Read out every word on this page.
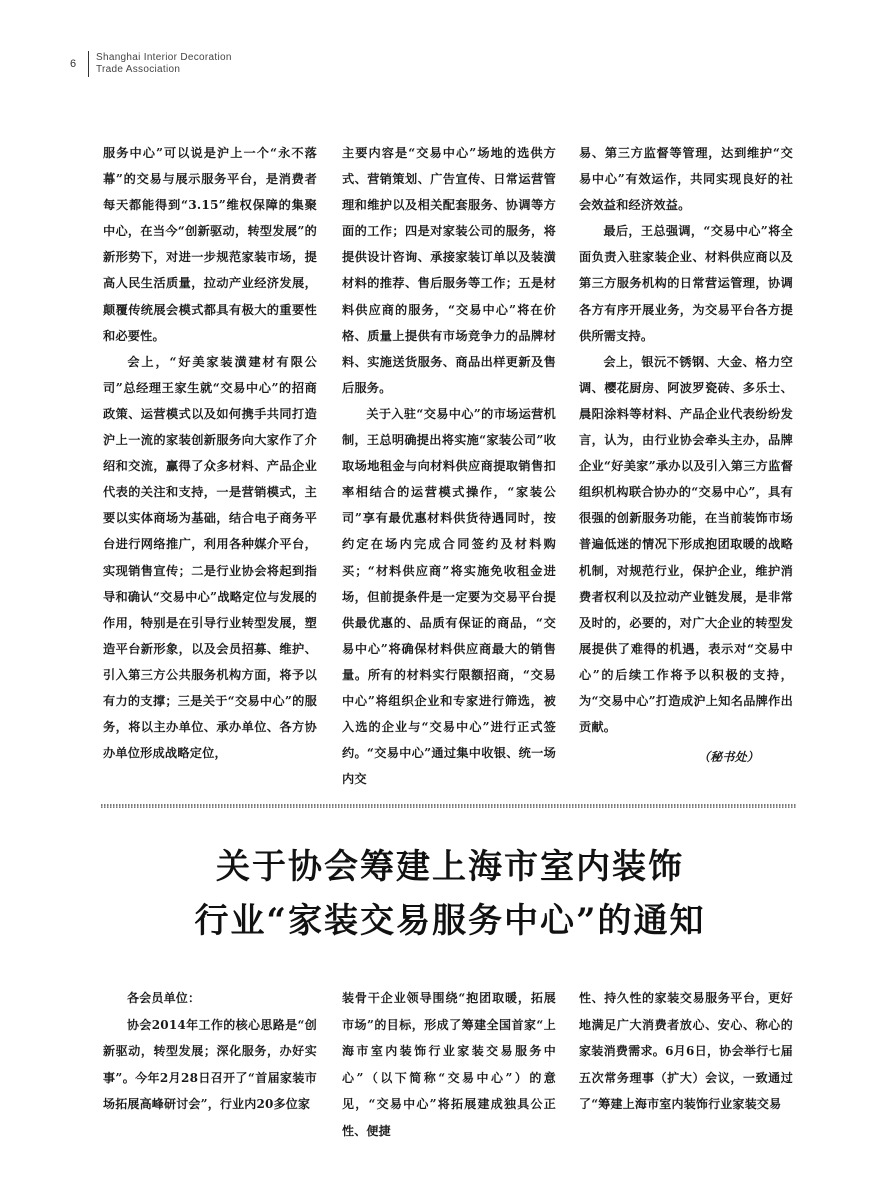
6
Shanghai Interior Decoration
Trade Association

服务中心”可以说是沪上一个“永不落幕”的交易与展示服务平台，是消费者每天都能得到“3.15”维权保障的集聚中心，在当今“创新驱动，转型发展”的新形势下，对进一步规范家装市场，提高人民生活质量，拉动产业经济发展，颠覆传统展会模式都具有极大的重要性和必要性。

会上，“好美家装潢建材有限公司”总经理王家生就“交易中心”的招商政策、运营模式以及如何携手共同打造沪上一流的家装创新服务向大家作了介绍和交流，赢得了众多材料、产品企业代表的关注和支持，一是营销模式，主要以实体商场为基础，结合电子商务平台进行网络推广，利用各种媒介平台，实现销售宣传；二是行业协会将起到指导和确认“交易中心”战略定位与发展的作用，特别是在引导行业转型发展，塑造平台新形象，以及会员招募、维护、引入第三方公共服务机构方面，将予以有力的支撑；三是关于“交易中心”的服务，将以主办单位、承办单位、各方协办单位形成战略定位，

主要内容是“交易中心”场地的选供方式、营销策划、广告宣传、日常运营管理和维护以及相关配套服务、协调等方面的工作；四是对家装公司的服务，将提供设计咨询、承接家装订单以及装潢材料的推荐、售后服务等工作；五是材料供应商的服务，“交易中心”将在价格、质量上提供有市场竞争力的品牌材料、实施送货服务、商品出样更新及售后服务。

关于入驻“交易中心”的市场运营机制，王总明确提出将实施“家装公司”收取场地租金与向材料供应商提取销售扣率相结合的运营模式操作，“家装公司”享有最优惠材料供货待遇同时，按约定在场内完成合同签约及材料购买；“材料供应商”将实施免收租金进场，但前提条件是一定要为交易平台提供最优惠的、品质有保证的商品，“交易中心”将确保材料供应商最大的销售量。所有的材料实行限额招商，“交易中心”将组织企业和专家进行筛选，被入选的企业与“交易中心”进行正式签约。“交易中心”通过集中收银、统一场内交

易、第三方监督等管理，达到维护“交易中心”有效运作，共同实现良好的社会效益和经济效益。

最后，王总强调，“交易中心”将全面负责入驻家装企业、材料供应商以及第三方服务机构的日常营运管理，协调各方有序开展业务，为交易平台各方提供所需支持。

会上，银沅不锈钢、大金、格力空调、樱花厨房、阿波罗瓷砖、多乐士、晨阳涂料等材料、产品企业代表纷纷发言，认为，由行业协会牵头主办，品牌企业“好美家”承办以及引入第三方监督组织机构联合协办的“交易中心”，具有很强的创新服务功能，在当前装饰市场普遍低迷的情况下形成抱团取暖的战略机制，对规范行业，保护企业，维护消费者权利以及拉动产业链发展，是非常及时的，必要的，对广大企业的转型发展提供了难得的机遇，表示对“交易中心”的后续工作将予以积极的支持，为“交易中心”打造成沪上知名品牌作出贡献。

（秘书处）

关于协会筹建上海市室内装饰
行业“家装交易服务中心”的通知

各会员单位：

协会2014年工作的核心思路是“创新驱动，转型发展；深化服务，办好实事”。今年2月28日召开了“首届家装市场拓展高峰研讨会”，行业内20多位家

装骨干企业领导围绕“抱团取暖，拓展市场”的目标，形成了筹建全国首家“上海市室内装饰行业家装交易服务中心”（以下简称“交易中心”）的意见，“交易中心”将拓展建成独具公正性、便捷

性、持久性的家装交易服务平台，更好地满足广大消费者放心、安心、称心的家装消费需求。6月6日，协会举行七届五次常务理事（扩大）会议，一致通过了“筹建上海市室内装饰行业家装交易
